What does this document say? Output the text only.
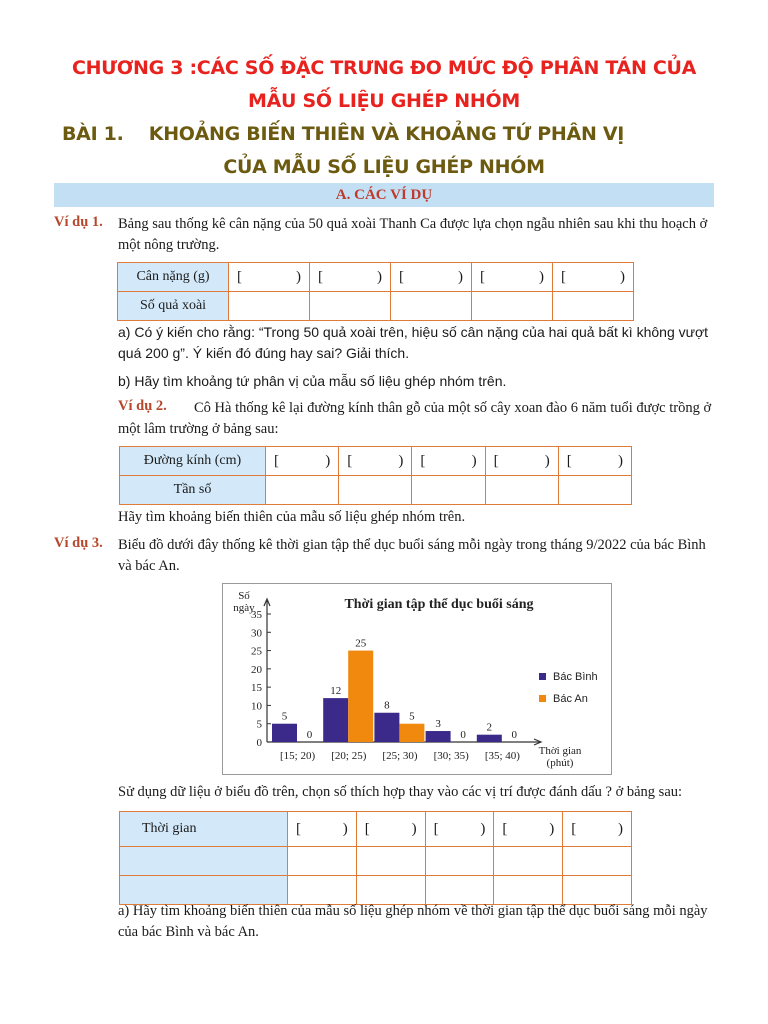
CHƯƠNG 3 :CÁC SỐ ĐẶC TRƯNG ĐO MỨC ĐỘ PHÂN TÁN CỦA
MẪU SỐ LIỆU GHÉP NHÓM
BÀI 1.    KHOẢNG BIẾN THIÊN VÀ KHOẢNG TỨ PHÂN VỊ
CỦA MẪU SỐ LIỆU GHÉP NHÓM
A. CÁC VÍ DỤ
Ví dụ 1. Bảng sau thống kê cân nặng của 50 quả xoài Thanh Ca được lựa chọn ngẫu nhiên sau khi thu hoạch ở một nông trường.
Cân nặng (g)	[ )	[ )	[ )	[ )	[ )

Số quả xoài					
a) Có ý kiến cho rằng: “Trong 50 quả xoài trên, hiệu số cân nặng của hai quả bất kì không vượt quá 200 g”. Ý kiến đó đúng hay sai? Giải thích.
b) Hãy tìm khoảng tứ phân vị của mẫu số liệu ghép nhóm trên.
Ví dụ 2.	Cô Hà thống kê lại đường kính thân gỗ của một số cây xoan đào 6 năm tuổi được trồng ở một lâm trường ở bảng sau:
Đường kính (cm)	[ )	[ )	[ )	[ )	[ )

Tần số					
Hãy tìm khoảng biến thiên của mẫu số liệu ghép nhóm trên.
Ví dụ 3. Biểu đồ dưới đây thống kê thời gian tập thể dục buổi sáng mỗi ngày trong tháng 9/2022 của bác Bình và bác An.
Thời gian tập thể dục buổi sáng
Số
ngày
Thời gian
(phút)
0
5
10
15
20
25
30
35
5
0
[15; 20)
12
25
[20; 25)
8
5
[25; 30)
3
0
[30; 35)
2
0
[35; 40)
Bác Bình
Bác An
Sử dụng dữ liệu ở biểu đồ trên, chọn số thích hợp thay vào các vị trí được đánh dấu ? ở bảng sau:
Thời gian	[ )	[ )	[ )	[ )	[ )

a) Hãy tìm khoảng biến thiên của mẫu số liệu ghép nhóm về thời gian tập thể dục buổi sáng mỗi ngày của bác Bình và bác An.
